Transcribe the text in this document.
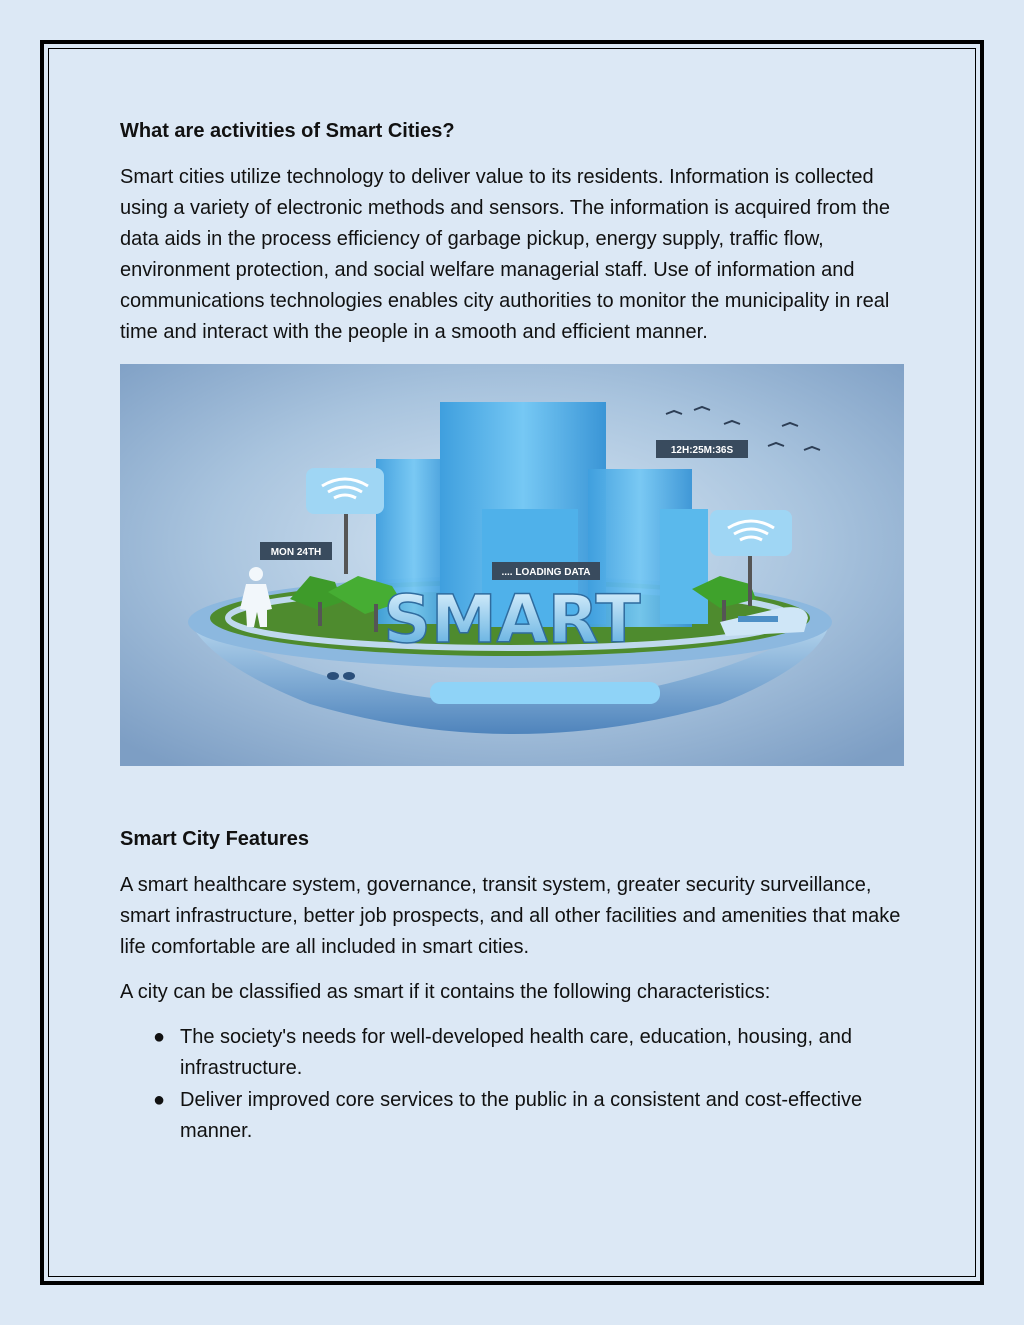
What are activities of Smart Cities?

Smart cities utilize technology to deliver value to its residents. Information is collected using a variety of electronic methods and sensors. The information is acquired from the data aids in the process efficiency of garbage pickup, energy supply, traffic flow, environment protection, and social welfare managerial staff. Use of information and communications technologies enables city authorities to monitor the municipality in real time and interact with the people in a smooth and efficient manner.

MON 24TH
.... LOADING DATA
12H:25M:36S
SMART
Smart City Features

A smart healthcare system, governance, transit system, greater security surveillance, smart infrastructure, better job prospects, and all other facilities and amenities that make life comfortable are all included in smart cities.

A city can be classified as smart if it contains the following characteristics:

● The society's needs for well-developed health care, education, housing, and infrastructure.
● Deliver improved core services to the public in a consistent and cost-effective manner.
